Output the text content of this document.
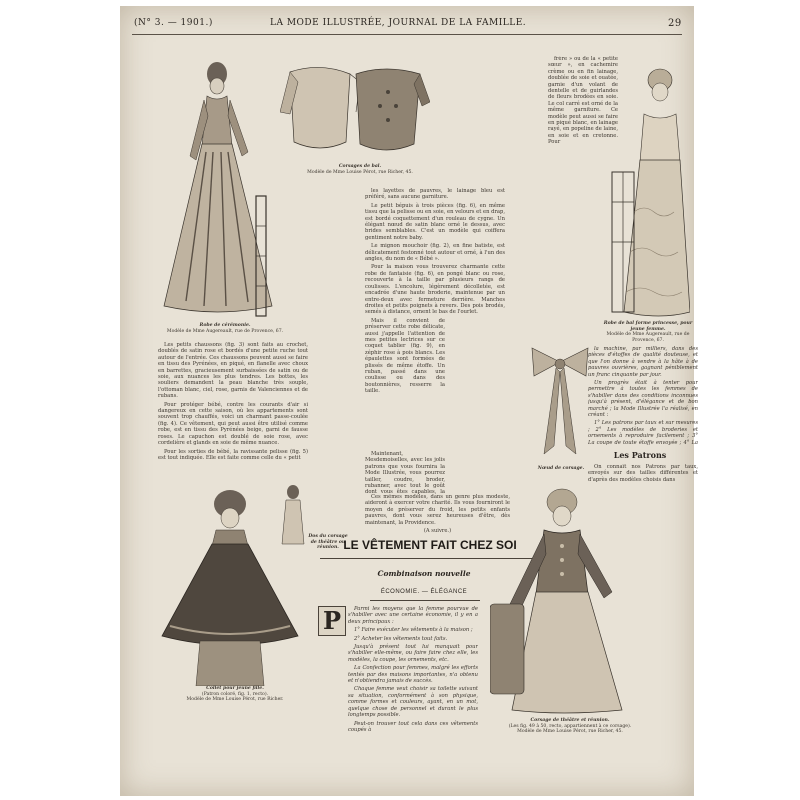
(N° 3. — 1901.)	LA MODE ILLUSTRÉE, JOURNAL DE LA FAMILLE.	29
Robe de cérémonie.
Modèle de Mme Augereault, rue de Provence, 67.
Corsages de bal.
Modèle de Mme Louise Pérot, rue Richer, 45.

frère » ou de la « petite sœur », en cachemire crème ou en fin lainage, doublée de soie et ouatée, garnie d'un volant de dentelle et de guirlandes de fleurs brodées en soie. Le col carré est orné de la même garniture. Ce modèle peut aussi se faire en piqué blanc, en lainage rayé, en popeline de laine, en soie et en cretonne. Pour

Robe de bal forme princesse, pour jeune femme.
Modèle de Mme Augereault, rue de Provence, 67.

les layettes de pauvres, le lainage bleu est préféré, sans aucune garniture.

Le petit bépuis à trois pièces (fig. 6), en même tissu que la pelisse ou en soie, en velours et en drap, est bordé coquettement d'un rouleau de cygne. Un élégant nœud de satin blanc orné le dessus, avec brides semblables. C'est un modèle qui coiffera gentiment notre baby.

Le mignon mouchoir (fig. 2), en fine batiste, est délicatement festonné tout autour et orné, à l'un des angles, du nom de « Bébé ».

Pour la maison vous trouverez charmante cette robe de fantaisie (fig. 6), en pongé blanc ou rose, recouverte à la taille par plusieurs rangs de coulisses. L'encolure, légèrement décolletée, est encadrée d'une haute broderie, maintenue par un entre-deux avec fermeture derrière. Manches droites et petits poignets à revers. Des pois brodés, semés à distance, ornent le bas de l'ourlet.

Mais il convient de préserver cette robe délicate, aussi j'appelle l'attention de mes petites lectrices sur ce coquet tablier (fig. 9), en zéphir rose à pois blancs. Les épaulettes sont formées de plissés de même étoffe. Un ruban, passé dans une coulisse ou dans des boutonnières, resserre la taille.

Maintenant, Mesdemoiselles, avec les jolis patrons que vous fournira la Mode Illustrée, vous pourrez tailler, coudre, broder, rubanner, avec tout le goût dont vous êtes capables, la

Ces mêmes modèles, dans un genre plus modeste, aideront à exercer votre charité. Ils vous fourniront le moyen de préserver du froid, les petits enfants pauvres, dont vous serez heureuses d'être, dès maintenant, la Providence.

(A suivre.)

Nœud de corsage.

Les petits chaussons (fig. 3) sont faits au crochet, doublés de satin rose et bordés d'une petite ruche tout autour de l'entrée. Ces chaussons peuvent aussi se faire en tissu des Pyrénées, en piqué, en flanelle avec choux en barrettes, gracieusement surbaissées de satin ou de soie, aux nuances les plus tendres. Les bottes, les souliers demandent la peau blanche très souple, l'ottoman blanc, ciel, rose, garnis de Valenciennes et de rubans.

Pour protéger bébé, contre les courants d'air si dangereux en cette saison, où les appartements sont souvent trop chauffés, voici un charmant passe-coulée (fig. 4). Ce vêtement, qui peut aussi être utilisé comme robe, est en tissu des Pyrénées beige, garni de fausse roses. Le capuchon est doublé de soie rose, avec cordelière et glands en soie de même nuance.

Pour les sorties de bébé, la ravissante pelisse (fig. 5) est tout indiquée. Elle est faite comme celle du « petit

la machine, par milliers, dans des pièces d'étoffes de qualité douteuse, et que l'on donne à vendre à la hâte à de pauvres ouvrières, gagnant péniblement un franc cinquante par jour.

Un progrès était à tenter pour permettre à toutes les femmes de s'habiller dans des conditions inconnues jusqu'à présent, d'élégance et de bon marché ; la Mode Illustrée l'a réalisé, en créant :

1° Les patrons par taux et sur mesures ; 2° Les modèles de broderies et ornements à reproduire facilement ; 3° La coupe de toute étoffe envoyée ; 4° La

Les Patrons

On connaît nos Patrons par taux, envoyés sur des tailles différentes et d'après des modèles choisis dans

Collet pour jeune fille.
(Patron coloré, fig. 1, recto).
Modèle de Mme Louise Pérot, rue Richer.
Dos du corsage de théâtre ou réunion. LE VÊTEMENT FAIT CHEZ SOI
Combinaison nouvelle
ÉCONOMIE. — ÉLÉGANCE
P	Parmi les moyens que la femme pourvue de s'habiller avec une certaine économie, il y en a deux principaux :

1° Faire exécuter les vêtements à la maison ;

2° Acheter les vêtements tout faits.

Jusqu'à présent tout lui manquait pour s'habiller elle-même, ou faire faire chez elle, les modèles, la coupe, les ornements, etc.

La Confection pour femmes, malgré les efforts tentés par des maisons importantes, n'a obtenu et n'obtiendra jamais de succès.

Chaque femme veut choisir sa toilette suivant sa situation, conformément à son physique, comme formes et couleurs, ayant, en un mot, quelque chose de personnel et durant le plus longtemps possible.

Peut-on trouver tout cela dans ces vêtements coupés à

Corsage de théâtre et réunion.
(Les fig. 49 à 50, recto, appartiennent à ce corsage).
Modèle de Mme Louise Pérot, rue Richer, 45.
